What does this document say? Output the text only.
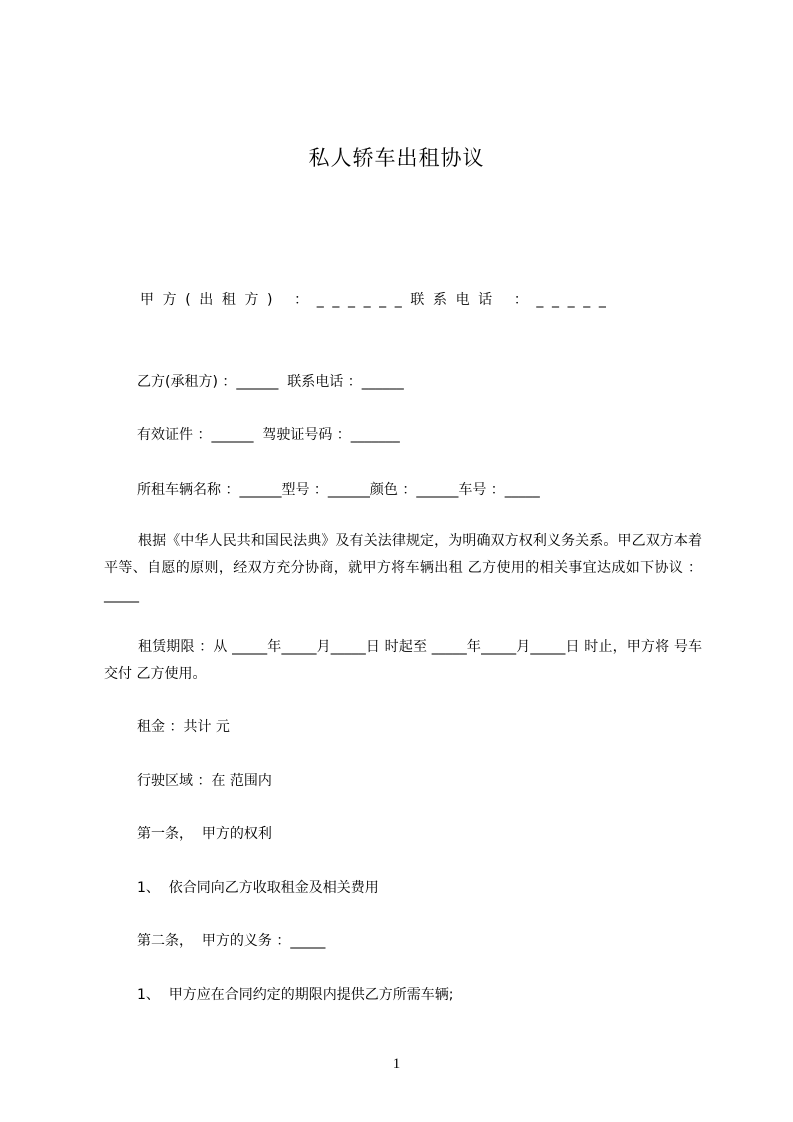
私人轿车出租协议
甲方(出租方) ：______联系电话 ：_____
乙方(承租方) ：______  联系电话 ：______
有效证件 ：______  驾驶证号码 ：_______
所租车辆名称 ：______型号 ：______颜色 ：______车号 ：_____

根据《中华人民共和国民法典》及有关法律规定，为明确双方权利义务关系。甲乙双方本着平等、自愿的原则，经双方充分协商，就甲方将车辆出租 乙方使用的相关事宜达成如下协议 ：_____

租赁期限 ：从 _____年_____月_____日 时起至 _____年_____月_____日 时止，甲方将 号车交付 乙方使用。

租金 ：共计 元
行驶区域 ：在 范围内
第一条，  甲方的权利
1、  依合同向乙方收取租金及相关费用
第二条，  甲方的义务 ：_____
1、  甲方应在合同约定的期限内提供乙方所需车辆;
1
